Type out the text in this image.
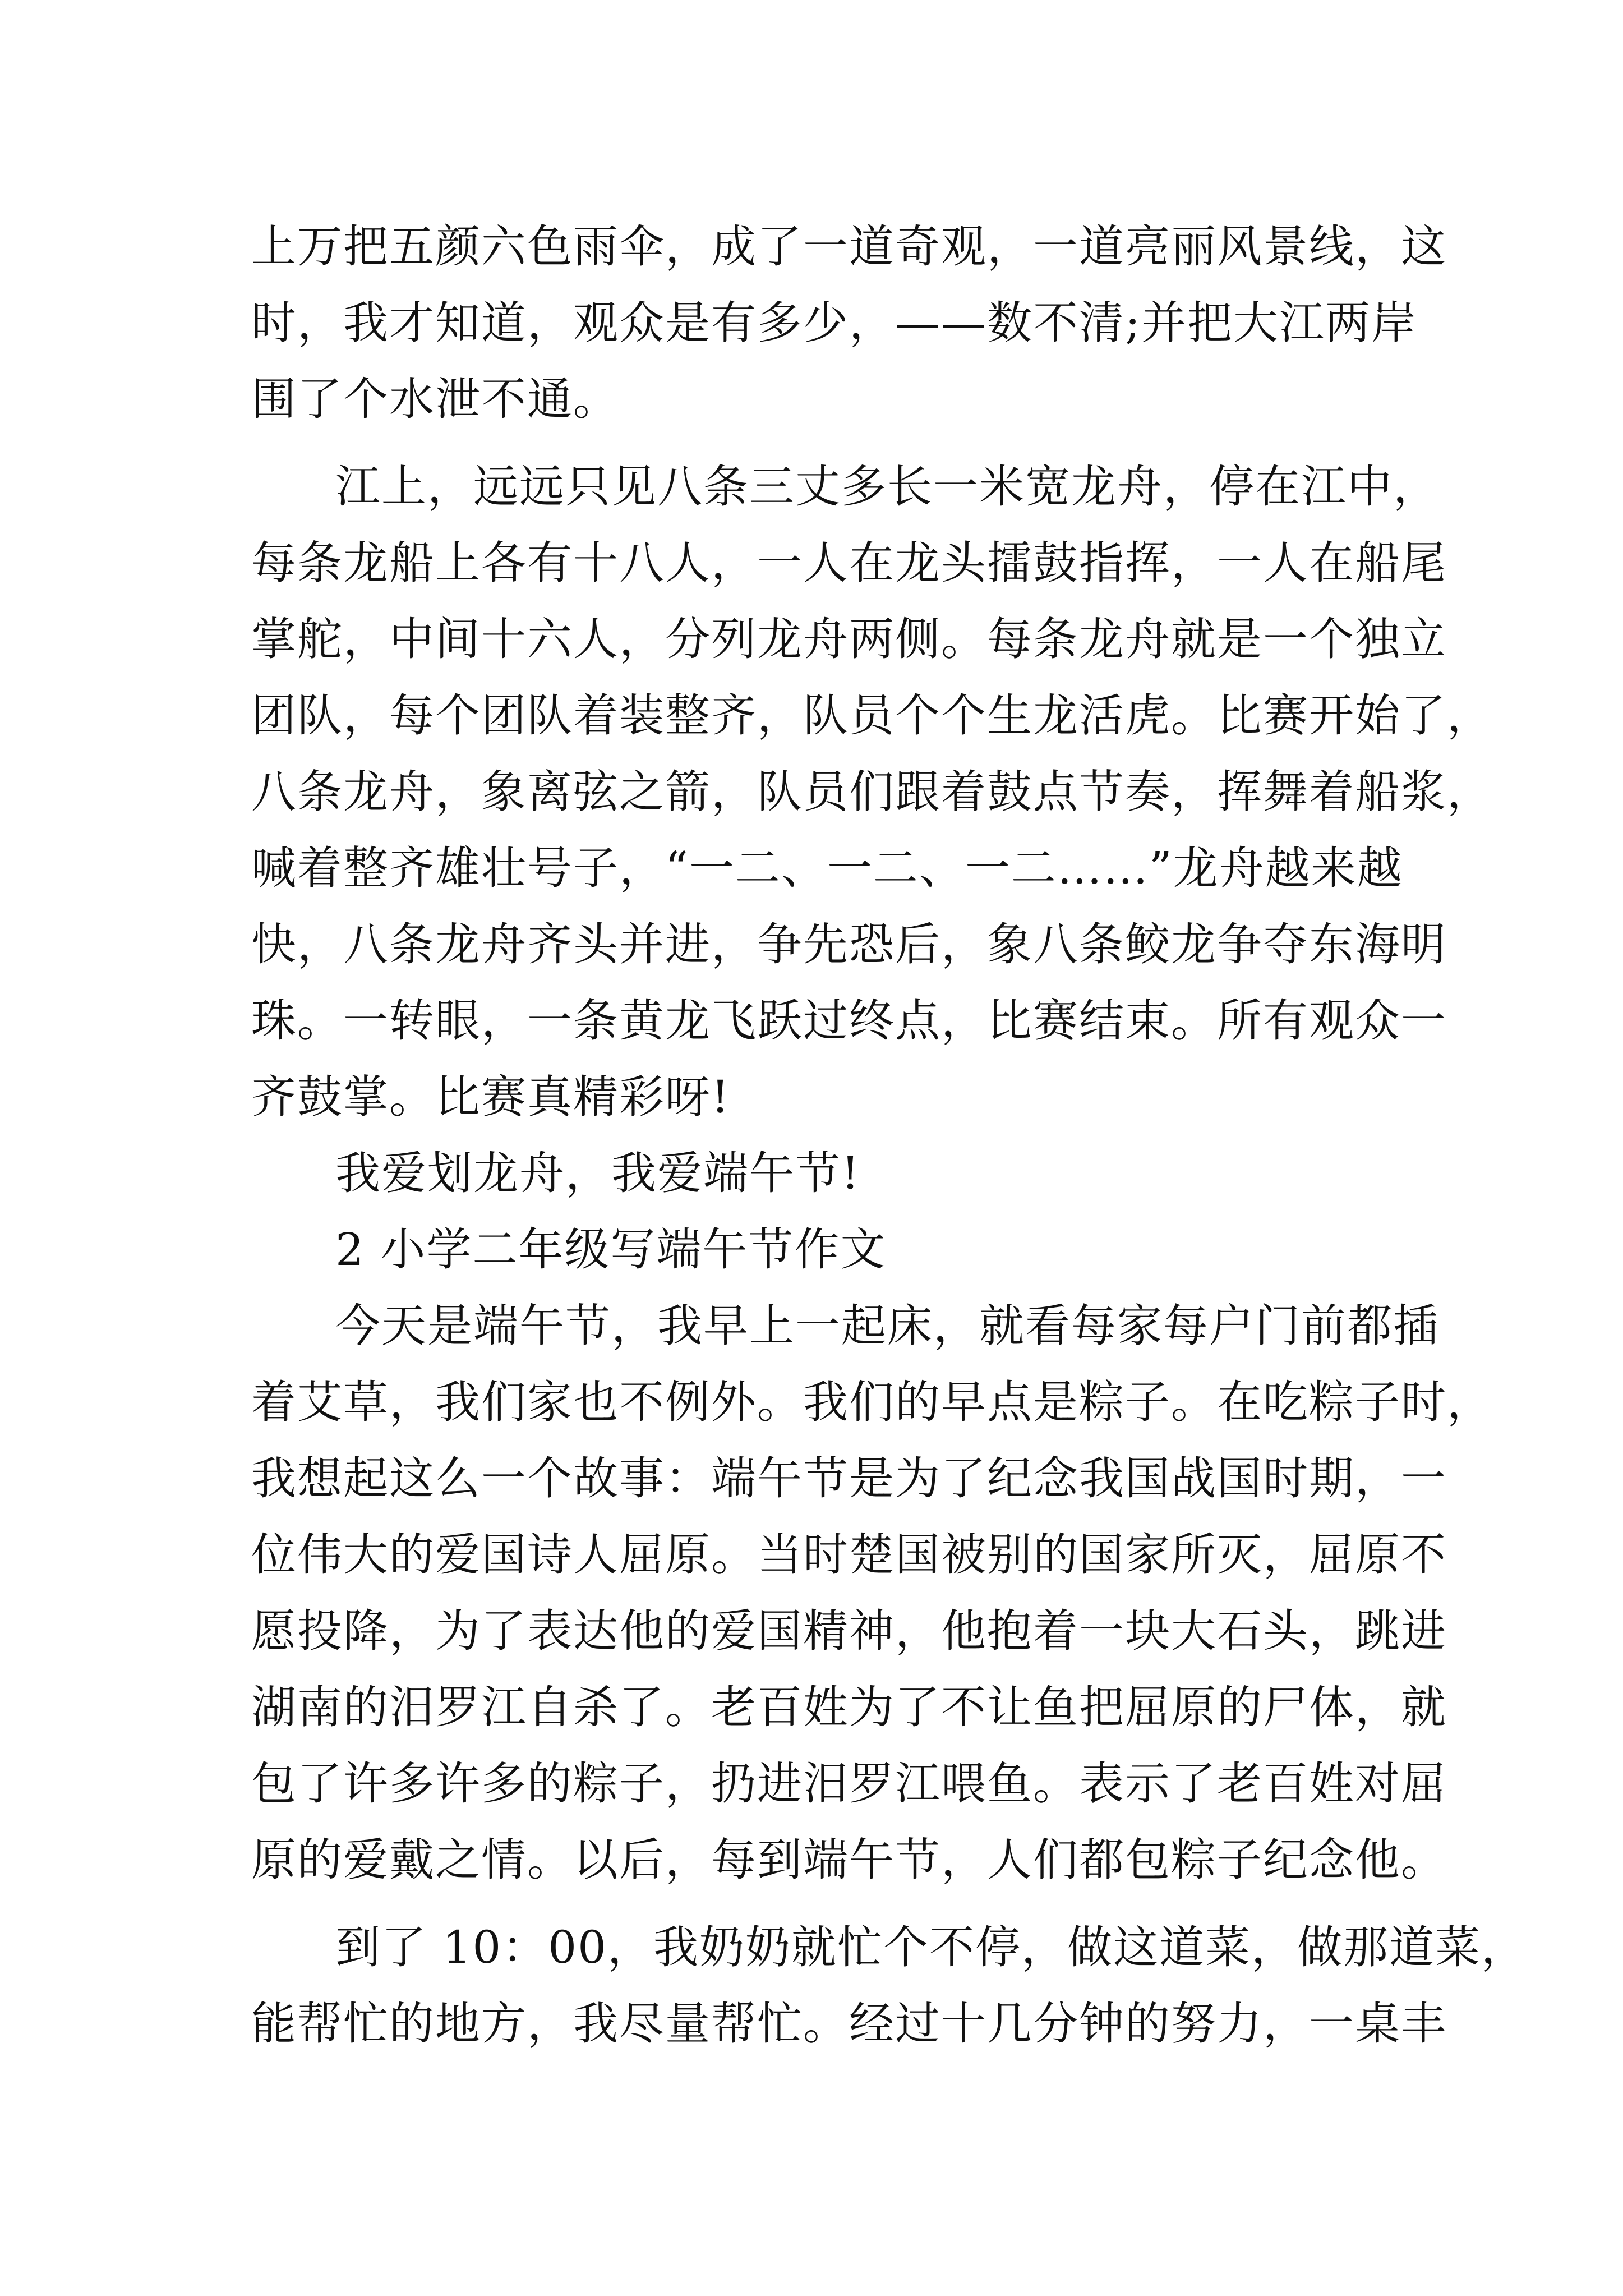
上万把五颜六色雨伞，成了一道奇观，一道亮丽风景线，这
时，我才知道，观众是有多少，——数不清;并把大江两岸
围了个水泄不通。
江上，远远只见八条三丈多长一米宽龙舟，停在江中，
每条龙船上各有十八人，一人在龙头擂鼓指挥，一人在船尾
掌舵，中间十六人，分列龙舟两侧。每条龙舟就是一个独立
团队，每个团队着装整齐，队员个个生龙活虎。比赛开始了，
八条龙舟，象离弦之箭，队员们跟着鼓点节奏，挥舞着船浆，
喊着整齐雄壮号子，“一二、一二、一二……”龙舟越来越
快，八条龙舟齐头并进，争先恐后，象八条鲛龙争夺东海明
珠。一转眼，一条黄龙飞跃过终点，比赛结束。所有观众一
齐鼓掌。比赛真精彩呀!
我爱划龙舟，我爱端午节!
2 小学二年级写端午节作文
今天是端午节，我早上一起床，就看每家每户门前都插
着艾草，我们家也不例外。我们的早点是粽子。在吃粽子时，
我想起这么一个故事：端午节是为了纪念我国战国时期，一
位伟大的爱国诗人屈原。当时楚国被别的国家所灭，屈原不
愿投降，为了表达他的爱国精神，他抱着一块大石头，跳进
湖南的汨罗江自杀了。老百姓为了不让鱼把屈原的尸体，就
包了许多许多的粽子，扔进汨罗江喂鱼。表示了老百姓对屈
原的爱戴之情。以后，每到端午节，人们都包粽子纪念他。
到了 10：00，我奶奶就忙个不停，做这道菜，做那道菜，
能帮忙的地方，我尽量帮忙。经过十几分钟的努力，一桌丰
